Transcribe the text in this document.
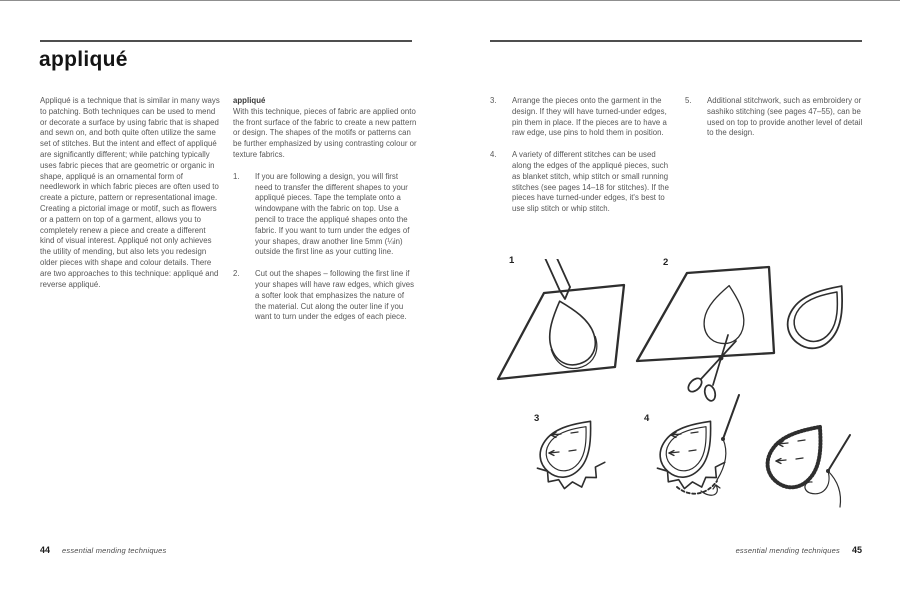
appliqué

Appliqué is a technique that is similar in many ways to patching. Both techniques can be used to mend or decorate a surface by using fabric that is shaped and sewn on, and both quite often utilize the same set of stitches. But the intent and effect of appliqué are significantly different; while patching typically uses fabric pieces that are geometric or organic in shape, appliqué is an ornamental form of needlework in which fabric pieces are often used to create a picture, pattern or representational image. Creating a pictorial image or motif, such as flowers or a pattern on top of a garment, allows you to completely renew a piece and create a different kind of visual interest. Appliqué not only achieves the utility of mending, but also lets you redesign older pieces with shape and colour details. There are two approaches to this technique: appliqué and reverse appliqué.

appliqué

With this technique, pieces of fabric are applied onto the front surface of the fabric to create a new pattern or design. The shapes of the motifs or patterns can be further emphasized by using contrasting colour or texture fabrics.

1.	If you are following a design, you will first need to transfer the different shapes to your appliqué pieces. Tape the template onto a windowpane with the fabric on top. Use a pencil to trace the appliqué shapes onto the fabric. If you want to turn under the edges of your shapes, draw another line 5mm (¼in) outside the first line as your cutting line.
2.	Cut out the shapes – following the first line if your shapes will have raw edges, which gives a softer look that emphasizes the nature of the material. Cut along the outer line if you want to turn under the edges of each piece.
3.	Arrange the pieces onto the garment in the design. If they will have turned-under edges, pin them in place. If the pieces are to have a raw edge, use pins to hold them in position.
4.	A variety of different stitches can be used along the edges of the appliqué pieces, such as blanket stitch, whip stitch or small running stitches (see pages 14–18 for stitches). If the pieces have turned-under edges, it's best to use slip stitch or whip stitch.
5.	Additional stitchwork, such as embroidery or sashiko stitching (see pages 47–55), can be used on top to provide another level of detail to the design.
1	2
3	4
44 essential mending techniques	essential mending techniques 45
